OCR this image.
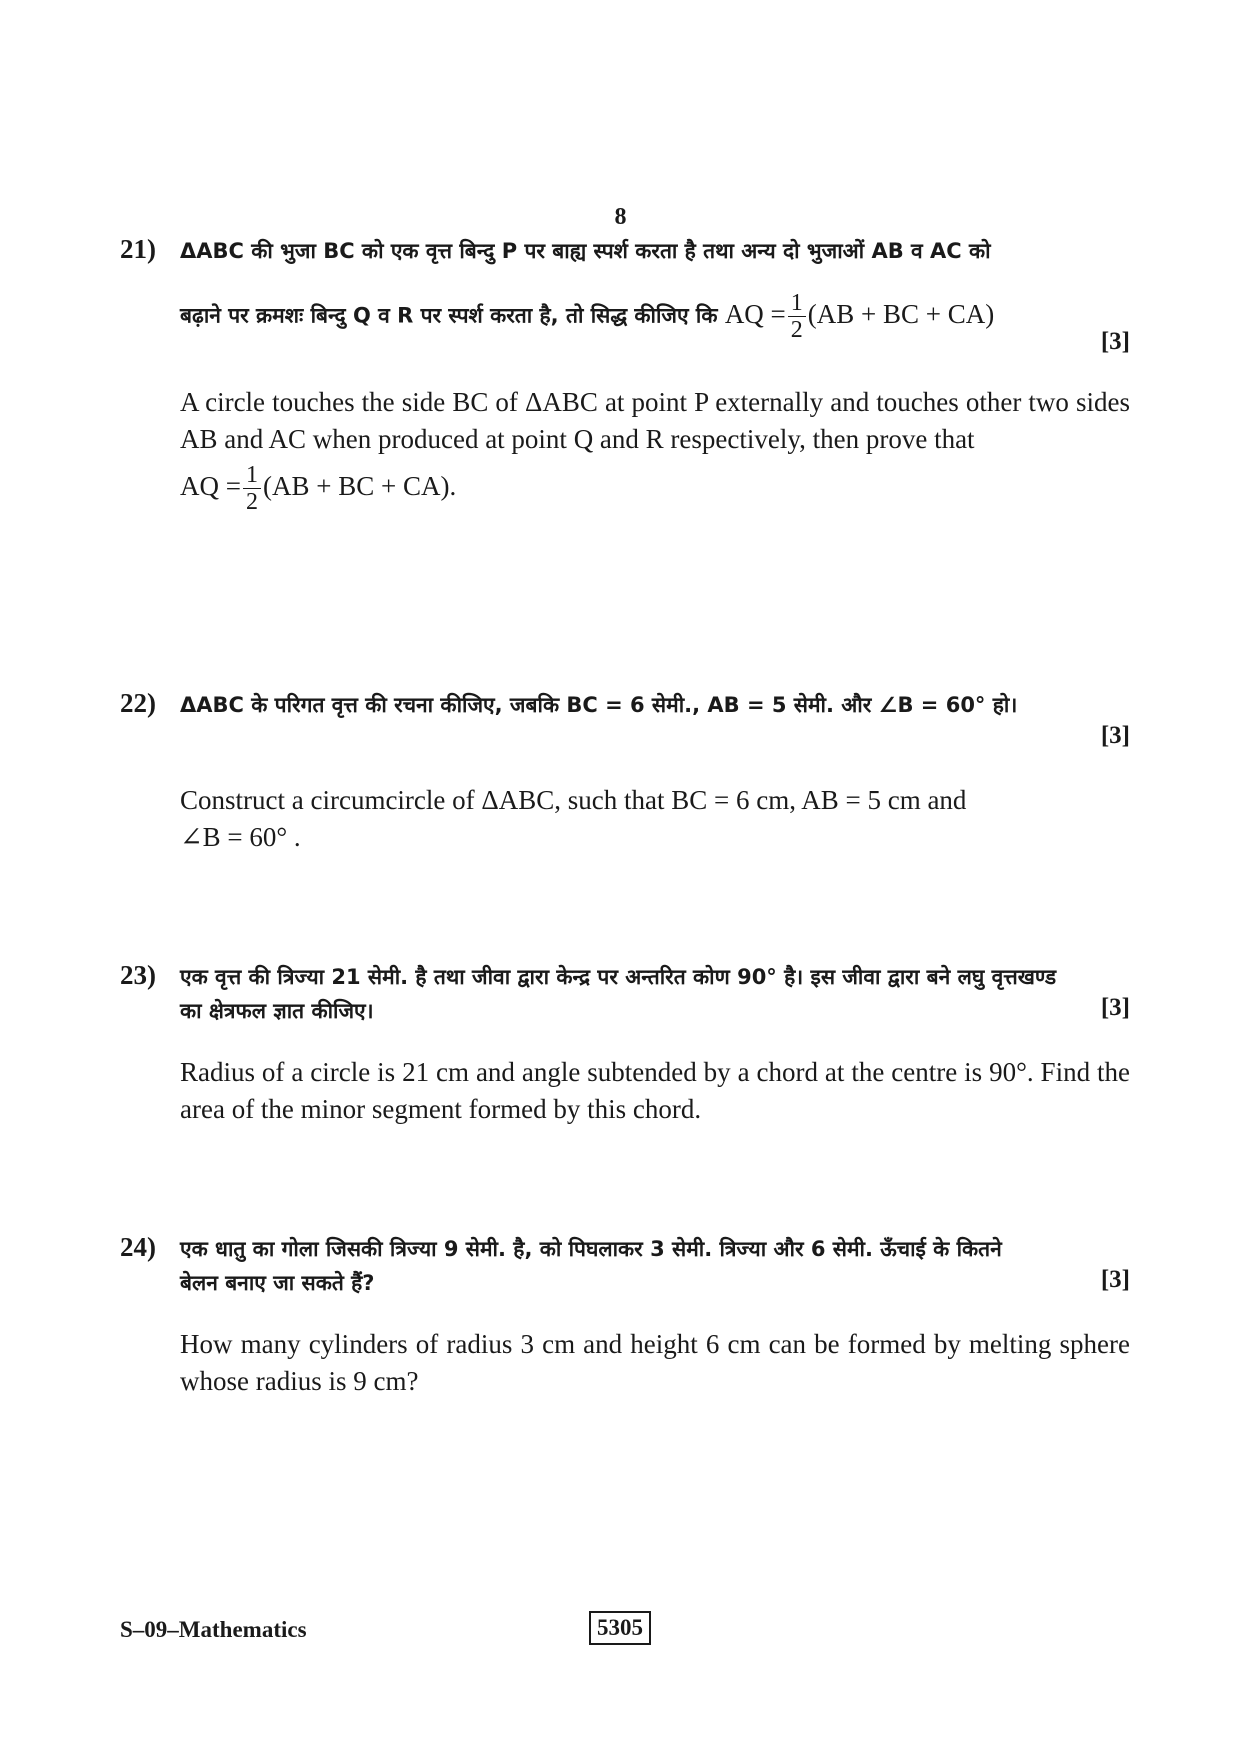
8
21) ΔABC की भुजा BC को एक वृत्त बिन्दु P पर बाह्य स्पर्श करता है तथा अन्य दो भुजाओं AB व AC को
बढ़ाने पर क्रमशः बिन्दु Q व R पर स्पर्श करता है, तो सिद्ध कीजिए कि AQ = $\frac{1}{2} (AB$ + BC + CA)
[3]
A circle touches the side BC of ΔABC at point P externally and touches other two sides AB and AC when produced at point Q and R respectively, then prove that
AQ = $\frac{1}{2} (AB$ + BC + CA).
22) ΔABC के परिगत वृत्त की रचना कीजिए, जबकि BC = 6 सेमी., AB = 5 सेमी. और ∠B = 60° हो।
[3]
Construct a circumcircle of ΔABC, such that BC = 6 cm, AB = 5 cm and
∠B = 60° .
23) एक वृत्त की त्रिज्या 21 सेमी. है तथा जीवा द्वारा केन्द्र पर अन्तरित कोण 90° है। इस जीवा द्वारा बने लघु वृत्तखण्ड
का क्षेत्रफल ज्ञात कीजिए।	[3]
Radius of a circle is 21 cm and angle subtended by a chord at the centre is 90°. Find the area of the minor segment formed by this chord.
24) एक धातु का गोला जिसकी त्रिज्या 9 सेमी. है, को पिघलाकर 3 सेमी. त्रिज्या और 6 सेमी. ऊँचाई के कितने
बेलन बनाए जा सकते हैं?	[3]
How many cylinders of radius 3 cm and height 6 cm can be formed by melting sphere whose radius is 9 cm?
S–09–Mathematics	5305
